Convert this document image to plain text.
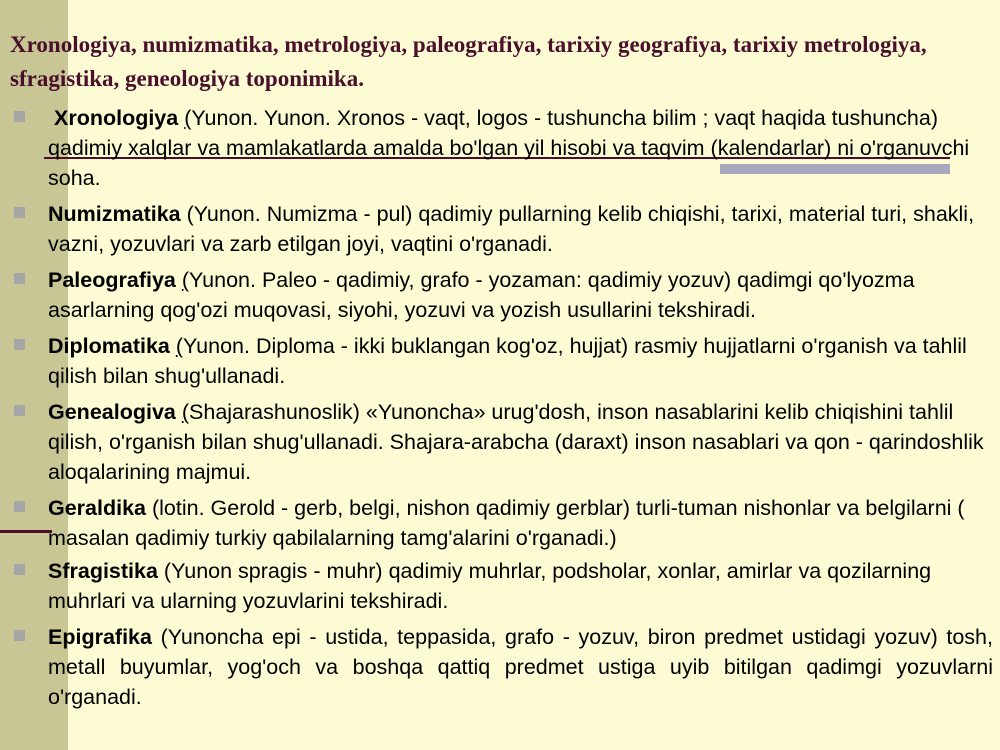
Xronologiya, numizmatika, metrologiya, paleografiya, tarixiy geografiya, tarixiy metrologiya, sfragistika, geneologiya toponimika.
Xronologiya (Yunon. Yunon. Xronos - vaqt, logos - tushuncha bilim ; vaqt haqida tushuncha) qadimiy xalqlar va mamlakatlarda amalda bo'lgan yil hisobi va taqvim (kalendarlar) ni o'rganuvchi soha.
Numizmatika (Yunon. Numizma - pul) qadimiy pullarning kelib chiqishi, tarixi, material turi, shakli, vazni, yozuvlari va zarb etilgan joyi, vaqtini o'rganadi.
Paleografiya (Yunon. Paleo - qadimiy, grafo - yozaman: qadimiy yozuv) qadimgi qo'lyozma asarlarning qog'ozi muqovasi, siyohi, yozuvi va yozish usullarini tekshiradi.
Diplomatika (Yunon. Diploma - ikki buklangan kog'oz, hujjat) rasmiy hujjatlarni o'rganish va tahlil qilish bilan shug'ullanadi.
Genealogiva (Shajarashunoslik) «Yunoncha» urug'dosh, inson nasablarini kelib chiqishini tahlil qilish, o'rganish bilan shug'ullanadi. Shajara-arabcha (daraxt) inson nasablari va qon - qarindoshlik aloqalarining majmui.
Geraldika (lotin. Gerold - gerb, belgi, nishon qadimiy gerblar) turli-tuman nishonlar va belgilarni ( masalan qadimiy turkiy qabilalarning tamg'alarini o'rganadi.)
Sfragistika (Yunon spragis - muhr) qadimiy muhrlar, podsholar, xonlar, amirlar va qozilarning muhrlari va ularning yozuvlarini tekshiradi.
Epigrafika (Yunoncha epi - ustida, teppasida, grafo - yozuv, biron predmet ustidagi yozuv) tosh, metall buyumlar, yog'och va boshqa qattiq predmet ustiga uyib bitilgan qadimgi yozuvlarni o'rganadi.
